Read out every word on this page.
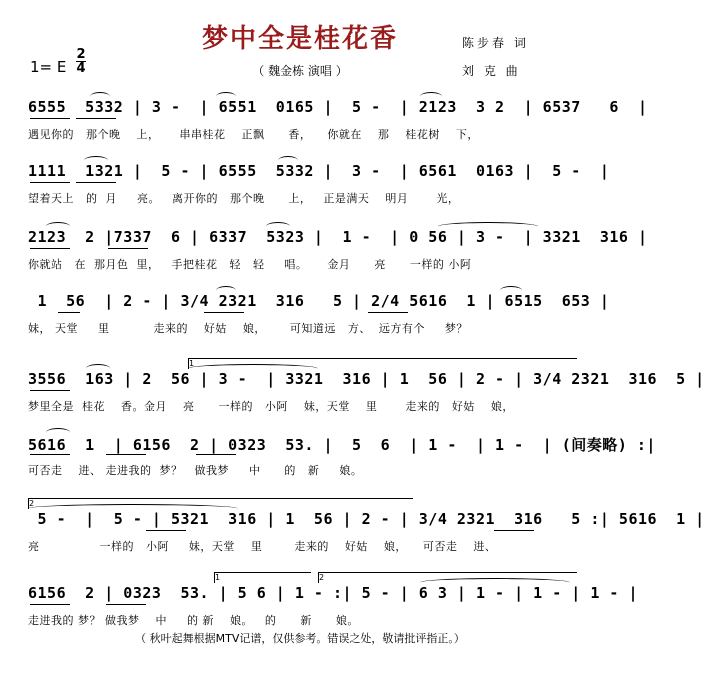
梦中全是桂花香	陈步春 词
刘 克 曲
1= E
2
4	（ 魏金栋 演唱 ）
6555  5332 | 3 -  | 6551  0165 |  5 -  | 2123  3 2  | 6537   6  |
遇见你的   那个晚    上，     串串桂花    正飘      香，    你就在    那    桂花树    下，
1111  1321 |  5 - | 6555  5332 |  3 -  | 6561  0163 |  5 -  |
望着天上   的  月     亮。   离开你的   那个晚      上，   正是满天    明月       光，
2123  2 |7337  6 | 6337  5323 |  1 -  | 0 56 | 3 -  | 3321  316 |
你就站   在  那月色  里，   手把桂花   轻   轻     唱。     金月      亮      一样的 小阿
1  56  | 2 - | 3/4 2321  316   5 | 2/4 5616  1 | 6515  653 |
妹， 天堂     里           走来的    好姑    娘，      可知道远   方、  远方有个     梦？
1
3556  163 | 2  56 | 3 -  | 3321  316 | 1  56 | 2 - | 3/4 2321  316  5 |
梦里全是  桂花    香。金月    亮      一样的   小阿    妹，天堂    里       走来的   好姑    娘，
5616  1  | 6156  2 | 0323  53. |  5  6  | 1 -  | 1 -  | (间奏略) :|
可否走    进、 走进我的  梦？   做我梦     中      的   新     娘。
2
5 -  |  5 - | 5321  316 | 1  56 | 2 - | 3/4 2321  316   5 :| 5616  1 |
亮               一样的   小阿     妹，天堂    里        走来的    好姑    娘，    可否走    进、
1	2
6156  2 | 0323  53. | 5 6 | 1 - :| 5 - | 6 3 | 1 - | 1 - | 1 - |
走进我的 梦？ 做我梦    中     的 新    娘。   的      新      娘。
（ 秋叶起舞根据MTV记谱，仅供参考。错误之处，敬请批评指正。）
